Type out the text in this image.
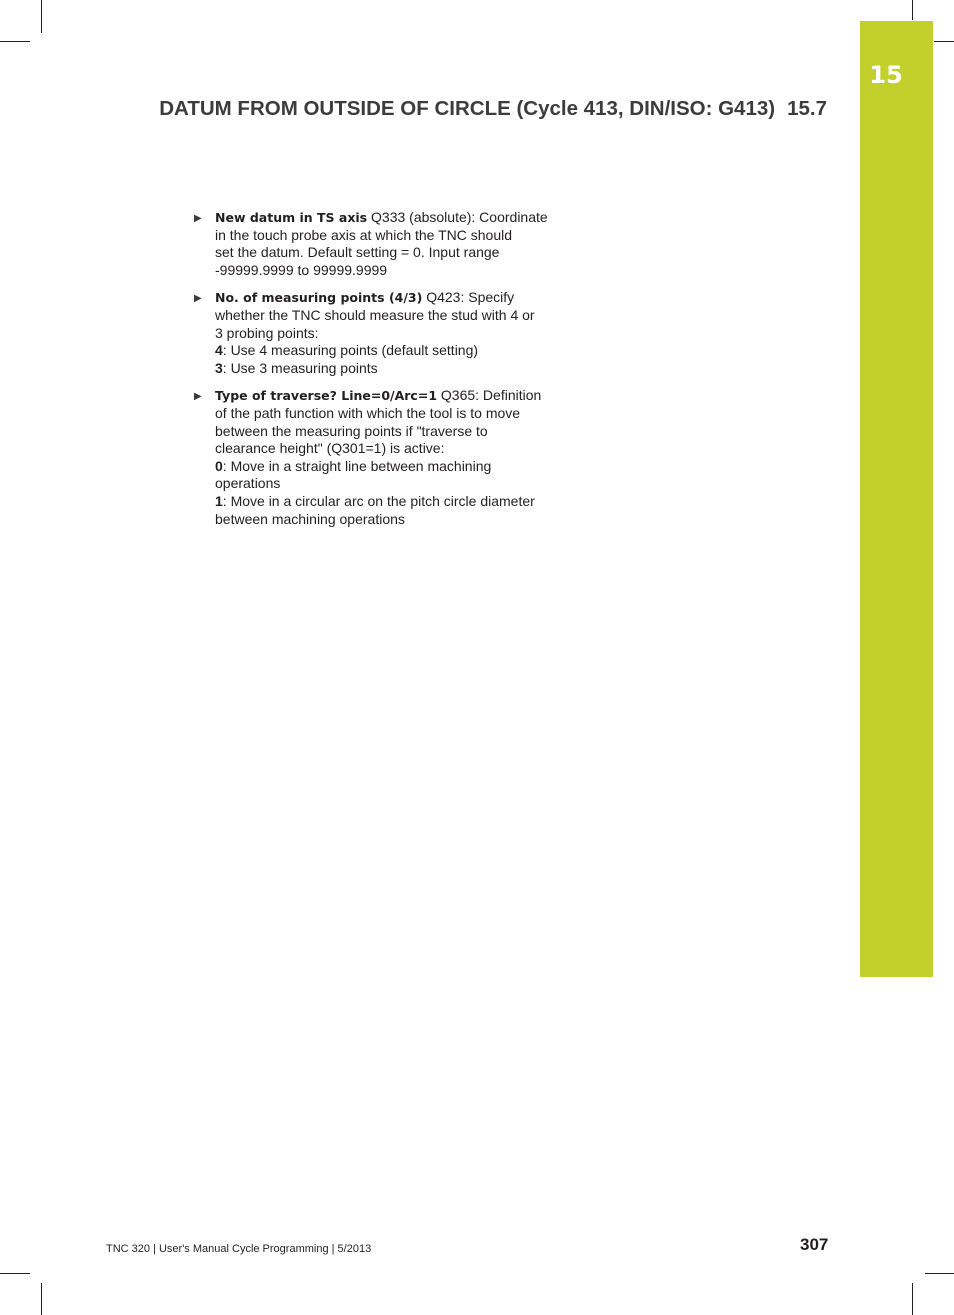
15
DATUM FROM OUTSIDE OF CIRCLE (Cycle 413, DIN/ISO: G413) 15.7
▶ New datum in TS axis Q333 (absolute): Coordinate
in the touch probe axis at which the TNC should
set the datum. Default setting = 0. Input range
-99999.9999 to 99999.9999
▶ No. of measuring points (4/3) Q423: Specify
whether the TNC should measure the stud with 4 or
3 probing points:
4: Use 4 measuring points (default setting)
3: Use 3 measuring points
▶ Type of traverse? Line=0/Arc=1 Q365: Definition
of the path function with which the tool is to move
between the measuring points if "traverse to
clearance height" (Q301=1) is active:
0: Move in a straight line between machining
operations
1: Move in a circular arc on the pitch circle diameter
between machining operations
TNC 320 | User's Manual Cycle Programming | 5/2013	307
